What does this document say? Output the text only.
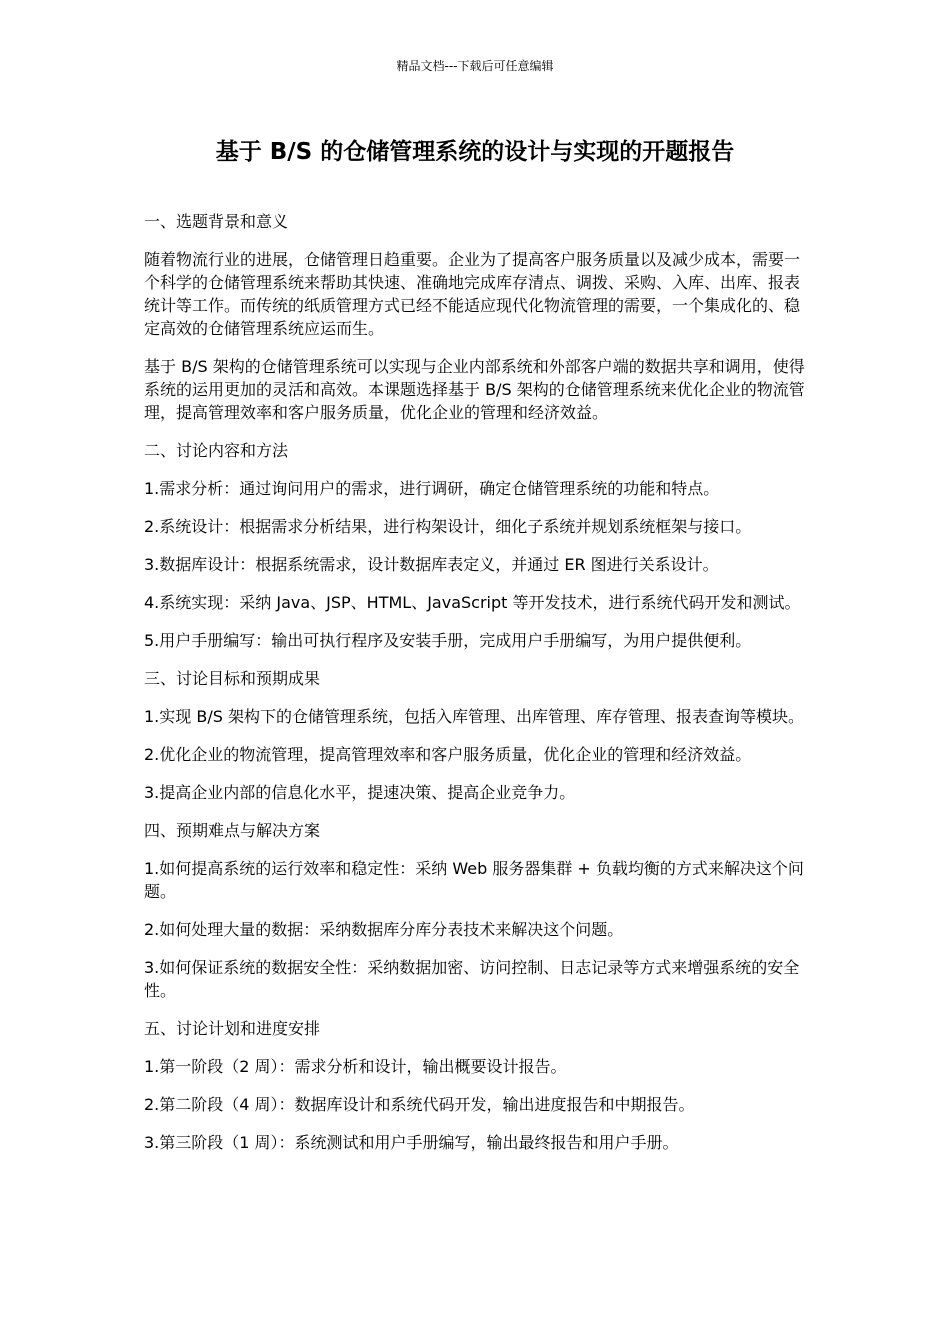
精品文档---下载后可任意编辑
基于 B/S 的仓储管理系统的设计与实现的开题报告

一、选题背景和意义

随着物流行业的进展，仓储管理日趋重要。企业为了提高客户服务质量以及减少成本，需要一个科学的仓储管理系统来帮助其快速、准确地完成库存清点、调拨、采购、入库、出库、报表统计等工作。而传统的纸质管理方式已经不能适应现代化物流管理的需要，一个集成化的、稳定高效的仓储管理系统应运而生。

基于 B/S 架构的仓储管理系统可以实现与企业内部系统和外部客户端的数据共享和调用，使得系统的运用更加的灵活和高效。本课题选择基于 B/S 架构的仓储管理系统来优化企业的物流管理，提高管理效率和客户服务质量，优化企业的管理和经济效益。

二、讨论内容和方法

1.需求分析：通过询问用户的需求，进行调研，确定仓储管理系统的功能和特点。

2.系统设计：根据需求分析结果，进行构架设计，细化子系统并规划系统框架与接口。

3.数据库设计：根据系统需求，设计数据库表定义，并通过 ER 图进行关系设计。

4.系统实现：采纳 Java、JSP、HTML、JavaScript 等开发技术，进行系统代码开发和测试。

5.用户手册编写：输出可执行程序及安装手册，完成用户手册编写，为用户提供便利。

三、讨论目标和预期成果

1.实现 B/S 架构下的仓储管理系统，包括入库管理、出库管理、库存管理、报表查询等模块。

2.优化企业的物流管理，提高管理效率和客户服务质量，优化企业的管理和经济效益。

3.提高企业内部的信息化水平，提速决策、提高企业竞争力。

四、预期难点与解决方案

1.如何提高系统的运行效率和稳定性：采纳 Web 服务器集群 + 负载均衡的方式来解决这个问题。

2.如何处理大量的数据：采纳数据库分库分表技术来解决这个问题。

3.如何保证系统的数据安全性：采纳数据加密、访问控制、日志记录等方式来增强系统的安全性。

五、讨论计划和进度安排

1.第一阶段（2 周）：需求分析和设计，输出概要设计报告。

2.第二阶段（4 周）：数据库设计和系统代码开发，输出进度报告和中期报告。

3.第三阶段（1 周）：系统测试和用户手册编写，输出最终报告和用户手册。
